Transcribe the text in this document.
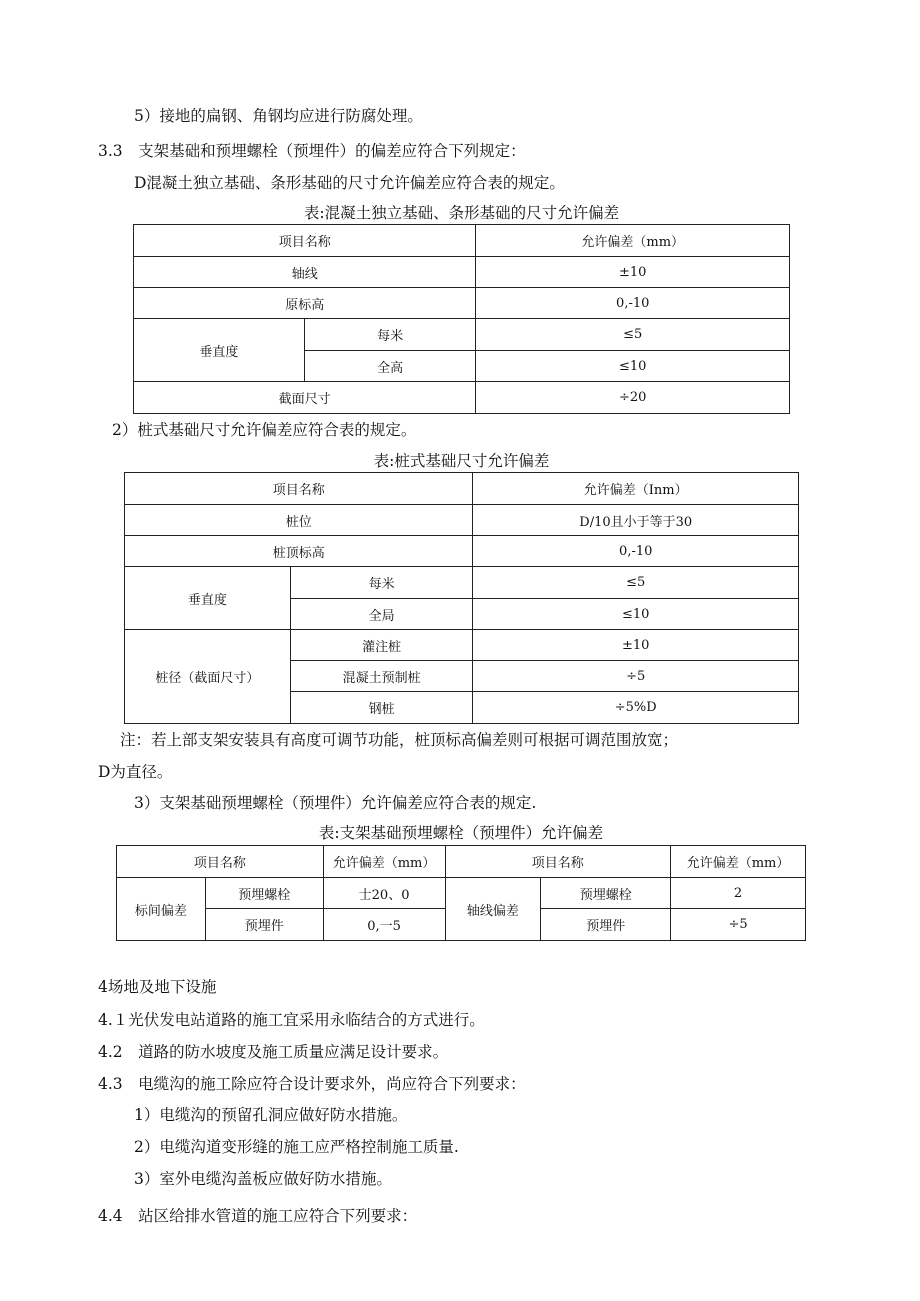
5）接地的扁钢、角钢均应进行防腐处理。
3.3　支架基础和预埋螺栓（预埋件）的偏差应符合下列规定：
D混凝土独立基础、条形基础的尺寸允许偏差应符合表的规定。
表:混凝土独立基础、条形基础的尺寸允许偏差
项目名称		允许偏差（mm）
轴线		±10
原标高		0,-10
垂直度	每米	≤5
	全高	≤10
截面尺寸		÷20
2）桩式基础尺寸允许偏差应符合表的规定。
表:桩式基础尺寸允许偏差
项目名称		允许偏差（Inm）
桩位		D/10且小于等于30
桩顶标高		0,-10
垂直度	每米	≤5
	全局	≤10
桩径（截面尺寸）	灌注桩	±10
	混凝土预制桩	÷5
	钢桩	÷5%D
注：若上部支架安装具有高度可调节功能，桩顶标高偏差则可根据可调范围放宽；
D为直径。
3）支架基础预埋螺栓（预埋件）允许偏差应符合表的规定.
表:支架基础预埋螺栓（预埋件）允许偏差
项目名称		允许偏差（mm）	项目名称		允许偏差（mm）
标间偏差	预埋螺栓	士20、0	轴线偏差	预埋螺栓	2
	预埋件	0,一5		预埋件	÷5
4场地及地下设施
4.１光伏发电站道路的施工宜采用永临结合的方式进行。
4.2　道路的防水坡度及施工质量应满足设计要求。
4.3　电缆沟的施工除应符合设计要求外，尚应符合下列要求：
1）电缆沟的预留孔洞应做好防水措施。
2）电缆沟道变形缝的施工应严格控制施工质量.
3）室外电缆沟盖板应做好防水措施。
4.4　站区给排水管道的施工应符合下列要求：
